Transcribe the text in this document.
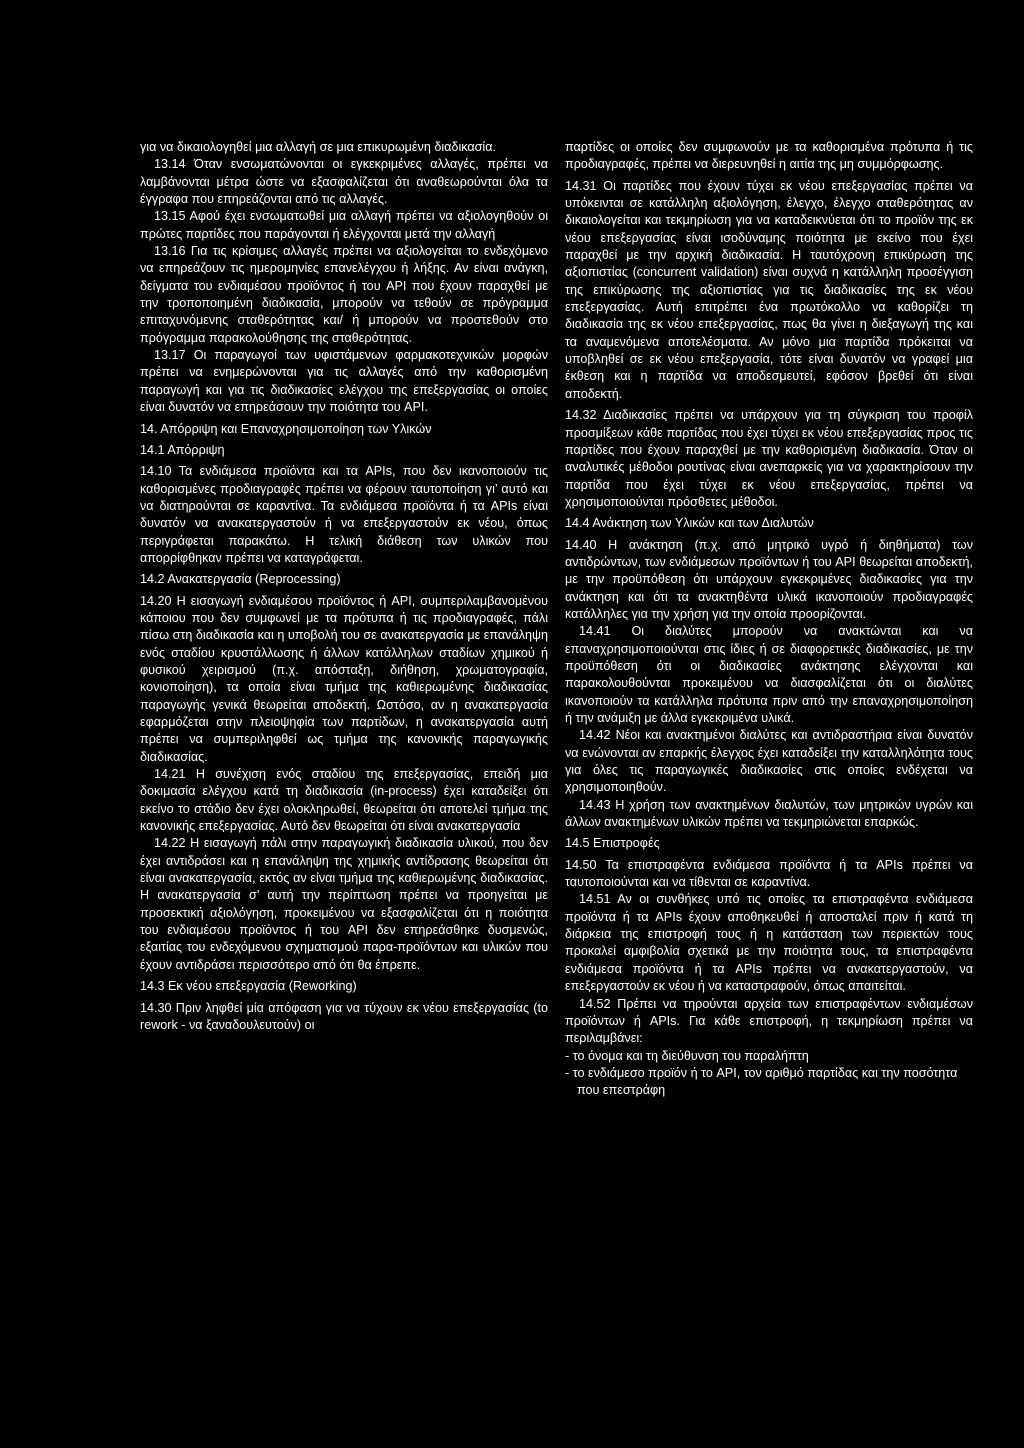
για να δικαιολογηθεί μια αλλαγή σε μια επικυρωμένη διαδικασία.

13.14 Όταν ενσωματώνονται οι εγκεκριμένες αλλαγές, πρέπει να λαμβάνονται μέτρα ώστε να εξασφαλίζεται ότι αναθεωρούνται όλα τα έγγραφα που επηρεάζονται από τις αλλαγές.

13.15 Αφού έχει ενσωματωθεί μια αλλαγή πρέπει να αξιολογηθούν οι πρώτες παρτίδες που παράγονται ή ελέγχονται μετά την αλλαγή

13.16 Για τις κρίσιμες αλλαγές πρέπει να αξιολογείται το ενδεχόμενο να επηρεάζουν τις ημερομηνίες επανελέγχου ή λήξης. Αν είναι ανάγκη, δείγματα του ενδιαμέσου προϊόντος ή του API που έχουν παραχθεί με την τροποποιημένη διαδικασία, μπορούν να τεθούν σε πρόγραμμα επιταχυνόμενης σταθερότητας και/ ή μπορούν να προστεθούν στο πρόγραμμα παρακολούθησης της σταθερότητας.

13.17 Οι παραγωγοί των υφιστάμενων φαρμακοτεχνικών μορφών πρέπει να ενημερώνονται για τις αλλαγές από την καθορισμένη παραγωγή και για τις διαδικασίες ελέγχου της επεξεργασίας οι οποίες είναι δυνατόν να επηρεάσουν την ποιότητα του API.

14. Απόρριψη και Επαναχρησιμοποίηση των Υλικών

14.1 Απόρριψη

14.10 Τα ενδιάμεσα προϊόντα και τα APIs, που δεν ικανοποιούν τις καθορισμένες προδιαγραφές πρέπει να φέρουν ταυτοποίηση γι’ αυτό και να διατηρούνται σε καραντίνα. Τα ενδιάμεσα προϊόντα ή τα APIs είναι δυνατόν να ανακατεργαστούν ή να επεξεργαστούν εκ νέου, όπως περιγράφεται παρακάτω. Η τελική διάθεση των υλικών που απορρίφθηκαν πρέπει να καταγράφεται.

14.2 Ανακατεργασία (Reprocessing)

14.20 Η εισαγωγή ενδιαμέσου προϊόντος ή API, συμπεριλαμβανομένου κάποιου που δεν συμφωνεί με τα πρότυπα ή τις προδιαγραφές, πάλι πίσω στη διαδικασία και η υποβολή του σε ανακατεργασία με επανάληψη ενός σταδίου κρυστάλλωσης ή άλλων κατάλληλων σταδίων χημικού ή φυσικού χειρισμού (π.χ. απόσταξη, διήθηση, χρωματογραφία, κονιοποίηση), τα οποία είναι τμήμα της καθιερωμένης διαδικασίας παραγωγής γενικά θεωρείται αποδεκτή. Ωστόσο, αν η ανακατεργασία εφαρμόζεται στην πλειοψηφία των παρτίδων, η ανακατεργασία αυτή πρέπει να συμπεριληφθεί ως τμήμα της κανονικής παραγωγικής διαδικασίας.

14.21 Η συνέχιση ενός σταδίου της επεξεργασίας, επειδή μια δοκιμασία ελέγχου κατά τη διαδικασία (in-process) έχει καταδείξει ότι εκείνο το στάδιο δεν έχει ολοκληρωθεί, θεωρείται ότι αποτελεί τμήμα της κανονικής επεξεργασίας. Αυτό δεν θεωρείται ότι είναι ανακατεργασία

14.22 Η εισαγωγή πάλι στην παραγωγική διαδικασία υλικού, που δεν έχει αντιδράσει και η επανάληψη της χημικής αντίδρασης θεωρείται ότι είναι ανακατεργασία, εκτός αν είναι τμήμα της καθιερωμένης διαδικασίας. Η ανακατεργασία σ’ αυτή την περίπτωση πρέπει να προηγείται με προσεκτική αξιολόγηση, προκειμένου να εξασφαλίζεται ότι η ποιότητα του ενδιαμέσου προϊόντος ή του API δεν επηρεάσθηκε δυσμενώς, εξαιτίας του ενδεχόμενου σχηματισμού παρα-προϊόντων και υλικών που έχουν αντιδράσει περισσότερο από ότι θα έπρεπε.

14.3 Εκ νέου επεξεργασία (Reworking)

14.30 Πριν ληφθεί μία απόφαση για να τύχουν εκ νέου επεξεργασίας (to rework - να ξαναδουλευτούν) οι

παρτίδες οι οποίες δεν συμφωνούν με τα καθορισμένα πρότυπα ή τις προδιαγραφές, πρέπει να διερευνηθεί η αιτία της μη συμμόρφωσης.

14.31 Οι παρτίδες που έχουν τύχει εκ νέου επεξεργασίας πρέπει να υπόκεινται σε κατάλληλη αξιολόγηση, έλεγχο, έλεγχο σταθερότητας αν δικαιολογείται και τεκμηρίωση για να καταδεικνύεται ότι το προϊόν της εκ νέου επεξεργασίας είναι ισοδύναμης ποιότητα με εκείνο που έχει παραχθεί με την αρχική διαδικασία. Η ταυτόχρονη επικύρωση της αξιοπιστίας (concurrent validation) είναι συχνά η κατάλληλη προσέγγιση της επικύρωσης της αξιοπιστίας για τις διαδικασίες της εκ νέου επεξεργασίας. Αυτή επιτρέπει ένα πρωτόκολλο να καθορίζει τη διαδικασία της εκ νέου επεξεργασίας, πως θα γίνει η διεξαγωγή της και τα αναμενόμενα αποτελέσματα. Αν μόνο μια παρτίδα πρόκειται να υποβληθεί σε εκ νέου επεξεργασία, τότε είναι δυνατόν να γραφεί μια έκθεση και η παρτίδα να αποδεσμευτεί, εφόσον βρεθεί ότι είναι αποδεκτή.

14.32 Διαδικασίες πρέπει να υπάρχουν για τη σύγκριση του προφίλ προσμίξεων κάθε παρτίδας που έχει τύχει εκ νέου επεξεργασίας προς τις παρτίδες που έχουν παραχθεί με την καθορισμένη διαδικασία. Όταν οι αναλυτικές μέθοδοι ρουτίνας είναι ανεπαρκείς για να χαρακτηρίσουν την παρτίδα που έχει τύχει εκ νέου επεξεργασίας, πρέπει να χρησιμοποιούνται πρόσθετες μέθοδοι.

14.4 Ανάκτηση των Υλικών και των Διαλυτών

14.40 Η ανάκτηση (π.χ. από μητρικό υγρό ή διηθήματα) των αντιδρώντων, των ενδιάμεσων προϊόντων ή του API θεωρείται αποδεκτή, με την προϋπόθεση ότι υπάρχουν εγκεκριμένες διαδικασίες για την ανάκτηση και ότι τα ανακτηθέντα υλικά ικανοποιούν προδιαγραφές κατάλληλες για την χρήση για την οποία προορίζονται.

14.41 Οι διαλύτες μπορούν να ανακτώνται και να επαναχρησιμοποιούνται στις ίδιες ή σε διαφορετικές διαδικασίες, με την προϋπόθεση ότι οι διαδικασίες ανάκτησης ελέγχονται και παρακολουθούνται προκειμένου να διασφαλίζεται ότι οι διαλύτες ικανοποιούν τα κατάλληλα πρότυπα πριν από την επαναχρησιμοποίηση ή την ανάμιξη με άλλα εγκεκριμένα υλικά.

14.42 Νέοι και ανακτημένοι διαλύτες και αντιδραστήρια είναι δυνατόν να ενώνονται αν επαρκής έλεγχος έχει καταδείξει την καταλληλότητα τους για όλες τις παραγωγικές διαδικασίες στις οποίες ενδέχεται να χρησιμοποιηθούν.

14.43 Η χρήση των ανακτημένων διαλυτών, των μητρικών υγρών και άλλων ανακτημένων υλικών πρέπει να τεκμηριώνεται επαρκώς.

14.5 Επιστροφές

14.50 Τα επιστραφέντα ενδιάμεσα προϊόντα ή τα APIs πρέπει να ταυτοποιούνται και να τίθενται σε καραντίνα.

14.51 Αν οι συνθήκες υπό τις οποίες τα επιστραφέντα ενδιάμεσα προϊόντα ή τα APIs έχουν αποθηκευθεί ή αποσταλεί πριν ή κατά τη διάρκεια της επιστροφή τους ή η κατάσταση των περιεκτών τους προκαλεί αμφιβολία σχετικά με την ποιότητα τους, τα επιστραφέντα ενδιάμεσα προϊόντα ή τα APIs πρέπει να ανακατεργαστούν, να επεξεργαστούν εκ νέου ή να καταστραφούν, όπως απαιτείται.

14.52 Πρέπει να τηρούνται αρχεία των επιστραφέντων ενδιαμέσων προϊόντων ή APIs. Για κάθε επιστροφή, η τεκμηρίωση πρέπει να περιλαμβάνει:

- το όνομα και τη διεύθυνση του παραλήπτη

- το ενδιάμεσο προϊόν ή το API, τον αριθμό παρτίδας και την ποσότητα που επεστράφη
